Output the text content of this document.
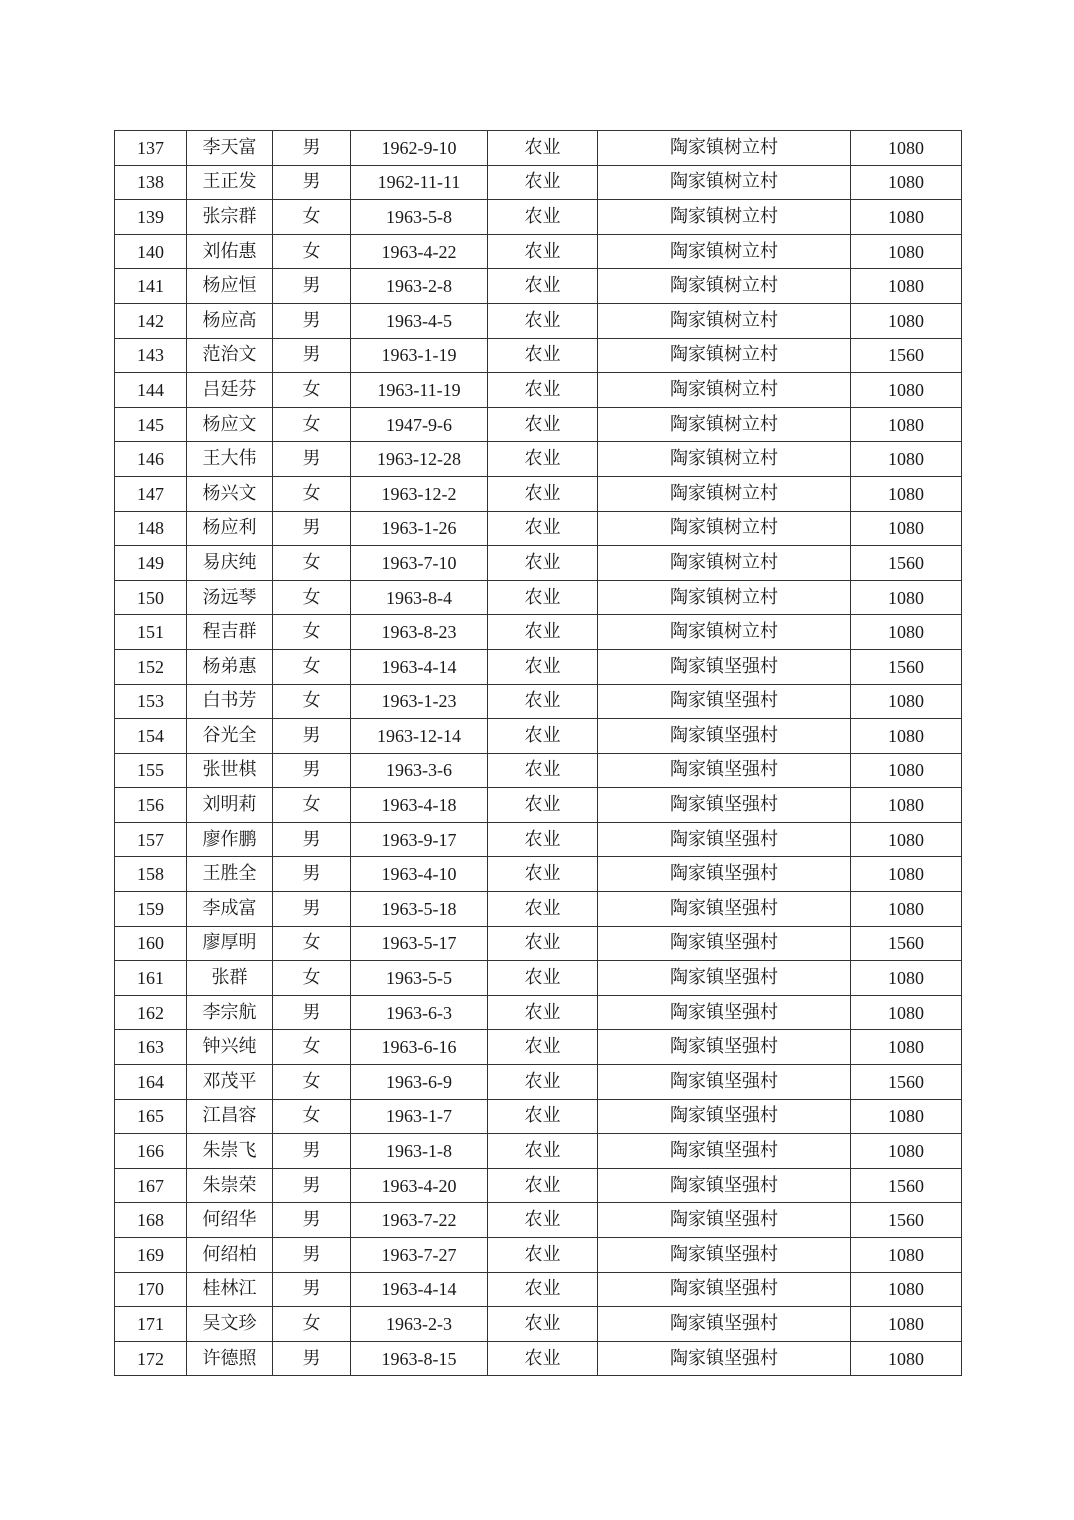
137	李天富	男	1962-9-10	农业	陶家镇树立村	1080
138	王正发	男	1962-11-11	农业	陶家镇树立村	1080
139	张宗群	女	1963-5-8	农业	陶家镇树立村	1080
140	刘佑惠	女	1963-4-22	农业	陶家镇树立村	1080
141	杨应恒	男	1963-2-8	农业	陶家镇树立村	1080
142	杨应高	男	1963-4-5	农业	陶家镇树立村	1080
143	范治文	男	1963-1-19	农业	陶家镇树立村	1560
144	吕廷芬	女	1963-11-19	农业	陶家镇树立村	1080
145	杨应文	女	1947-9-6	农业	陶家镇树立村	1080
146	王大伟	男	1963-12-28	农业	陶家镇树立村	1080
147	杨兴文	女	1963-12-2	农业	陶家镇树立村	1080
148	杨应利	男	1963-1-26	农业	陶家镇树立村	1080
149	易庆纯	女	1963-7-10	农业	陶家镇树立村	1560
150	汤远琴	女	1963-8-4	农业	陶家镇树立村	1080
151	程吉群	女	1963-8-23	农业	陶家镇树立村	1080
152	杨弟惠	女	1963-4-14	农业	陶家镇坚强村	1560
153	白书芳	女	1963-1-23	农业	陶家镇坚强村	1080
154	谷光全	男	1963-12-14	农业	陶家镇坚强村	1080
155	张世棋	男	1963-3-6	农业	陶家镇坚强村	1080
156	刘明莉	女	1963-4-18	农业	陶家镇坚强村	1080
157	廖作鹏	男	1963-9-17	农业	陶家镇坚强村	1080
158	王胜全	男	1963-4-10	农业	陶家镇坚强村	1080
159	李成富	男	1963-5-18	农业	陶家镇坚强村	1080
160	廖厚明	女	1963-5-17	农业	陶家镇坚强村	1560
161	张群	女	1963-5-5	农业	陶家镇坚强村	1080
162	李宗航	男	1963-6-3	农业	陶家镇坚强村	1080
163	钟兴纯	女	1963-6-16	农业	陶家镇坚强村	1080
164	邓茂平	女	1963-6-9	农业	陶家镇坚强村	1560
165	江昌容	女	1963-1-7	农业	陶家镇坚强村	1080
166	朱崇飞	男	1963-1-8	农业	陶家镇坚强村	1080
167	朱崇荣	男	1963-4-20	农业	陶家镇坚强村	1560
168	何绍华	男	1963-7-22	农业	陶家镇坚强村	1560
169	何绍柏	男	1963-7-27	农业	陶家镇坚强村	1080
170	桂林江	男	1963-4-14	农业	陶家镇坚强村	1080
171	吴文珍	女	1963-2-3	农业	陶家镇坚强村	1080
172	许德照	男	1963-8-15	农业	陶家镇坚强村	1080
